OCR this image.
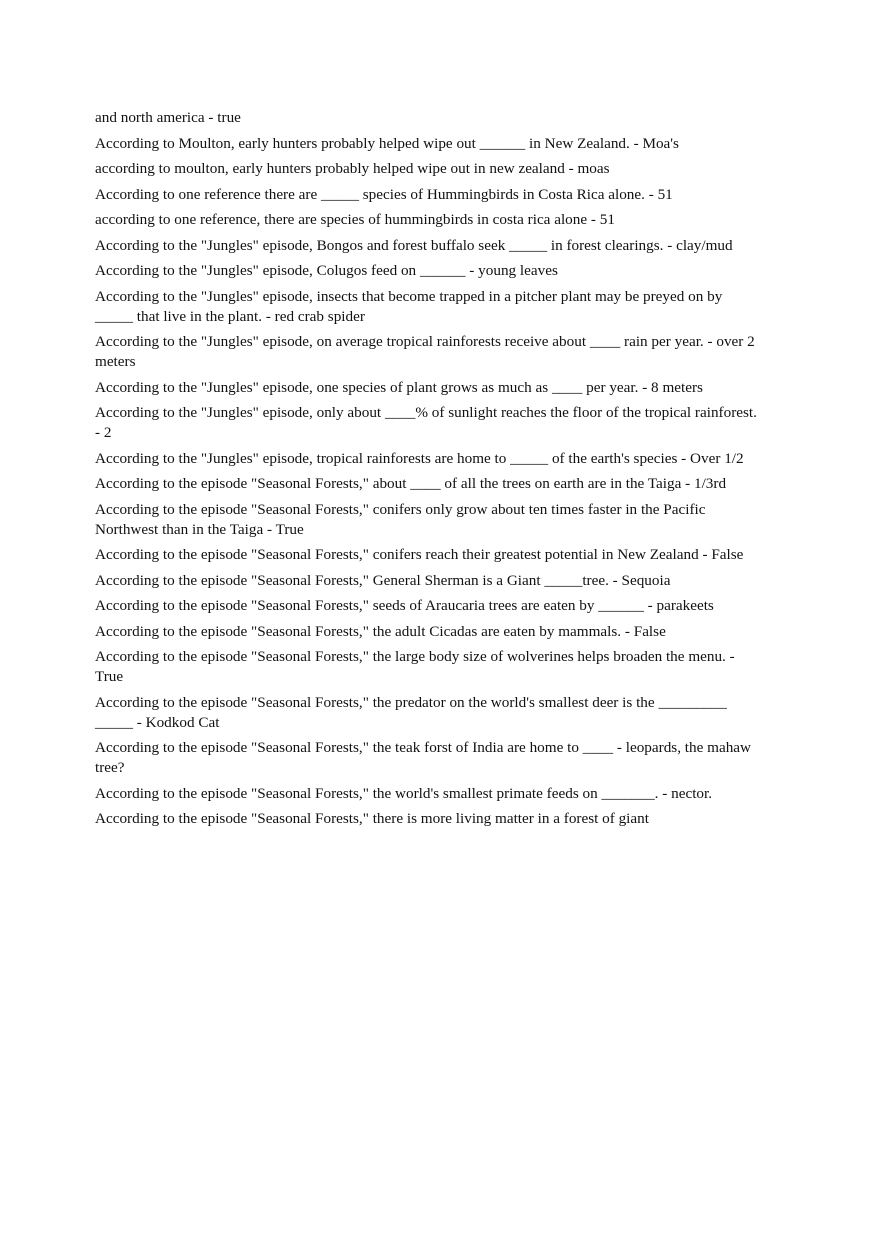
and north america - true

According to Moulton, early hunters probably helped wipe out ______ in New Zealand. - Moa's

according to moulton, early hunters probably helped wipe out in new zealand - moas

According to one reference there are _____ species of Hummingbirds in Costa Rica alone. - 51

according to one reference, there are species of hummingbirds in costa rica alone - 51

According to the "Jungles" episode, Bongos and forest buffalo seek _____ in forest clearings. - clay/mud

According to the "Jungles" episode, Colugos feed on ______ - young leaves

According to the "Jungles" episode, insects that become trapped in a pitcher plant may be preyed on by _____ that live in the plant. - red crab spider

According to the "Jungles" episode, on average tropical rainforests receive about ____ rain per year. - over 2 meters

According to the "Jungles" episode, one species of plant grows as much as ____ per year. - 8 meters

According to the "Jungles" episode, only about ____% of sunlight reaches the floor of the tropical rainforest. - 2

According to the "Jungles" episode, tropical rainforests are home to _____ of the earth's species - Over 1/2

According to the episode "Seasonal Forests," about ____ of all the trees on earth are in the Taiga - 1/3rd

According to the episode "Seasonal Forests," conifers only grow about ten times faster in the Pacific Northwest than in the Taiga - True

According to the episode "Seasonal Forests," conifers reach their greatest potential in New Zealand - False

According to the episode "Seasonal Forests," General Sherman is a Giant _____tree. - Sequoia

According to the episode "Seasonal Forests," seeds of Araucaria trees are eaten by ______ - parakeets

According to the episode "Seasonal Forests," the adult Cicadas are eaten by mammals. - False

According to the episode "Seasonal Forests," the large body size of wolverines helps broaden the menu. - True

According to the episode "Seasonal Forests," the predator on the world's smallest deer is the _________ _____ - Kodkod Cat

According to the episode "Seasonal Forests," the teak forst of India are home to ____ - leopards, the mahaw tree?

According to the episode "Seasonal Forests," the world's smallest primate feeds on _______. - nector.

According to the episode "Seasonal Forests," there is more living matter in a forest of giant
